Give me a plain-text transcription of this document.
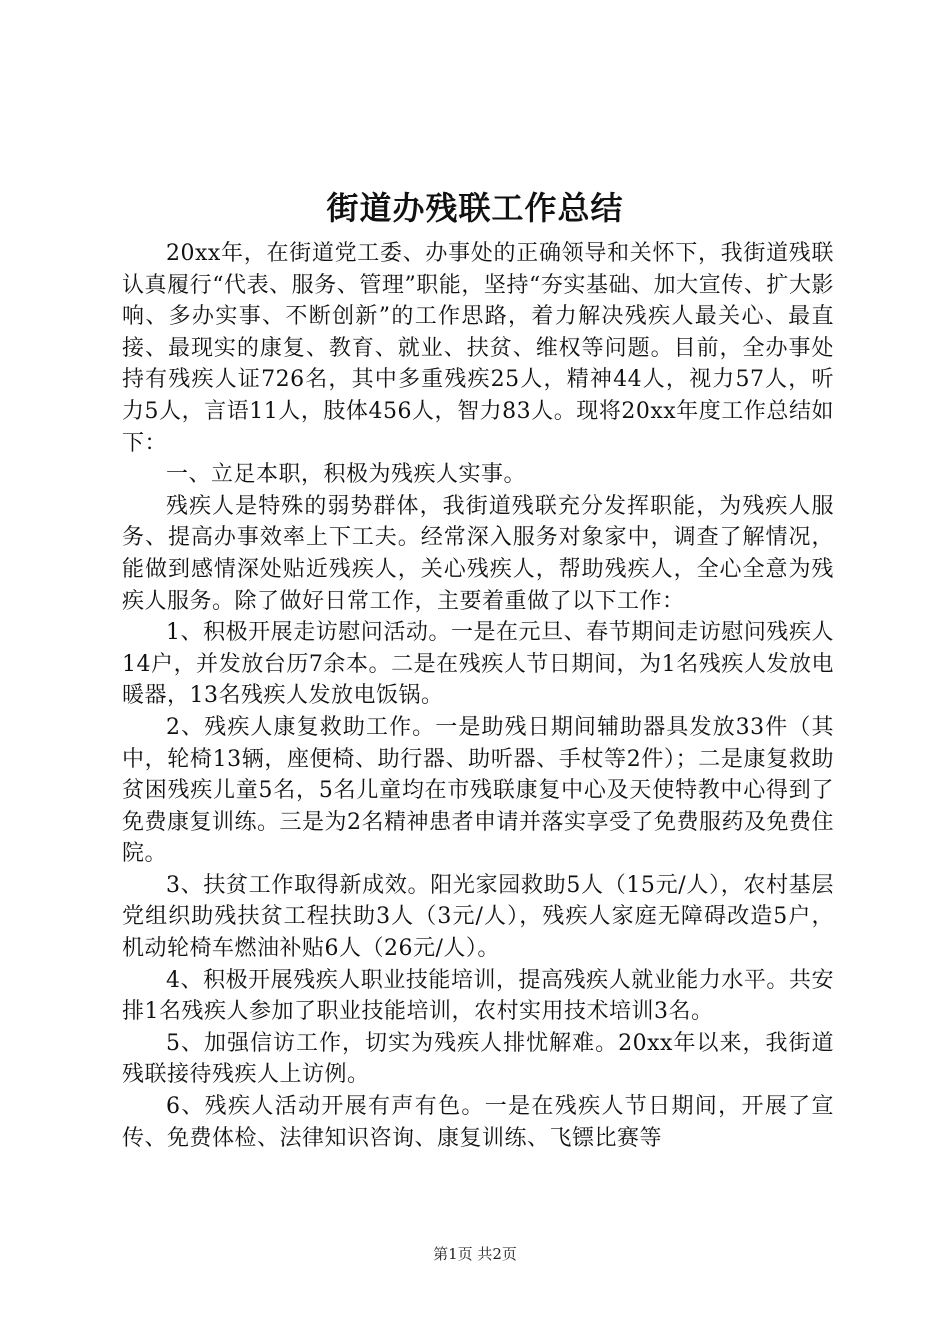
街道办残联工作总结

20xx年，在街道党工委、办事处的正确领导和关怀下，我街道残联认真履行“代表、服务、管理”职能，坚持“夯实基础、加大宣传、扩大影响、多办实事、不断创新”的工作思路，着力解决残疾人最关心、最直接、最现实的康复、教育、就业、扶贫、维权等问题。目前，全办事处持有残疾人证726名，其中多重残疾25人，精神44人，视力57人，听力5人，言语11人，肢体456人，智力83人。现将20xx年度工作总结如下：

一、立足本职，积极为残疾人实事。

残疾人是特殊的弱势群体，我街道残联充分发挥职能，为残疾人服务、提高办事效率上下工夫。经常深入服务对象家中，调查了解情况，能做到感情深处贴近残疾人，关心残疾人，帮助残疾人，全心全意为残疾人服务。除了做好日常工作，主要着重做了以下工作：

1、积极开展走访慰问活动。一是在元旦、春节期间走访慰问残疾人14户，并发放台历7余本。二是在残疾人节日期间，为1名残疾人发放电暖器，13名残疾人发放电饭锅。

2、残疾人康复救助工作。一是助残日期间辅助器具发放33件（其中，轮椅13辆，座便椅、助行器、助听器、手杖等2件）；二是康复救助贫困残疾儿童5名，5名儿童均在市残联康复中心及天使特教中心得到了免费康复训练。三是为2名精神患者申请并落实享受了免费服药及免费住院。

3、扶贫工作取得新成效。阳光家园救助5人（15元/人），农村基层党组织助残扶贫工程扶助3人（3元/人），残疾人家庭无障碍改造5户，机动轮椅车燃油补贴6人（26元/人）。

4、积极开展残疾人职业技能培训，提高残疾人就业能力水平。共安排1名残疾人参加了职业技能培训，农村实用技术培训3名。

5、加强信访工作，切实为残疾人排忧解难。20xx年以来，我街道残联接待残疾人上访例。

6、残疾人活动开展有声有色。一是在残疾人节日期间，开展了宣传、免费体检、法律知识咨询、康复训练、飞镖比赛等

第1页 共2页
